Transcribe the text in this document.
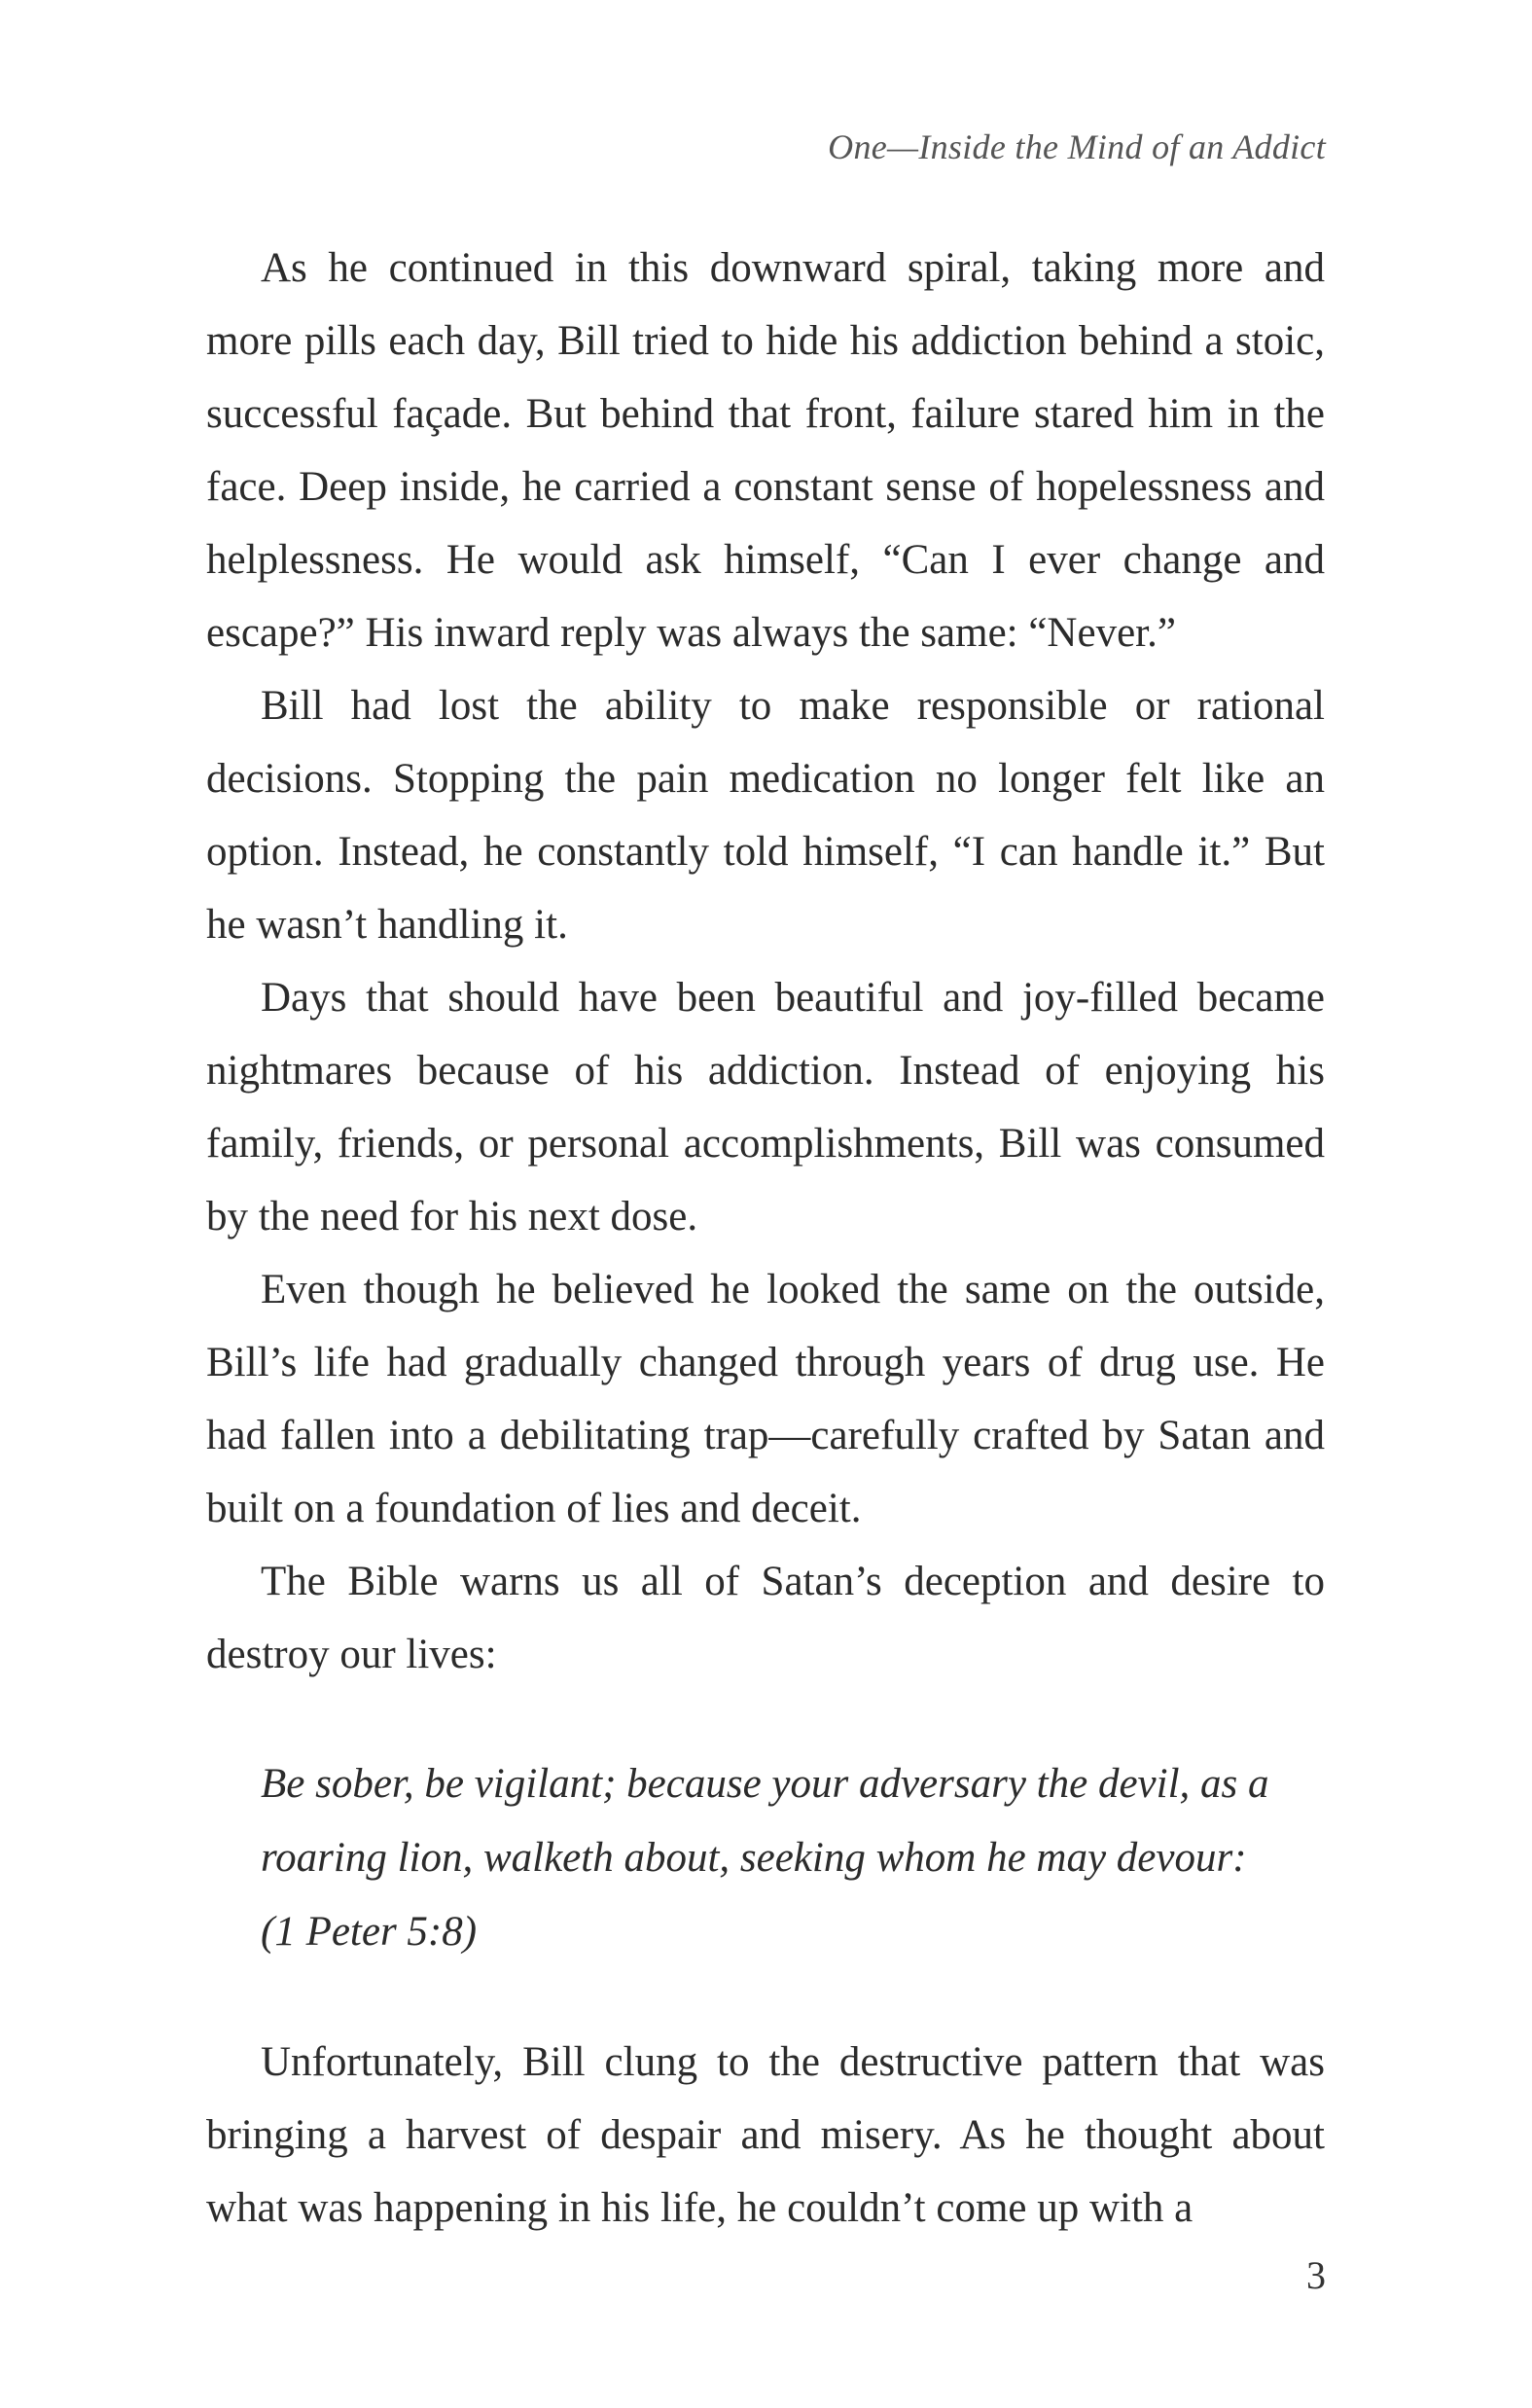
One—Inside the Mind of an Addict

As he continued in this downward spiral, taking more and more pills each day, Bill tried to hide his addiction behind a stoic, successful façade. But behind that front, failure stared him in the face. Deep inside, he carried a constant sense of hopelessness and helplessness. He would ask himself, “Can I ever change and escape?” His inward reply was always the same: “Never.”

Bill had lost the ability to make responsible or rational decisions. Stopping the pain medication no longer felt like an option. Instead, he constantly told himself, “I can handle it.” But he wasn’t handling it.

Days that should have been beautiful and joy-filled became nightmares because of his addiction. Instead of enjoying his family, friends, or personal accomplishments, Bill was consumed by the need for his next dose.

Even though he believed he looked the same on the outside, Bill’s life had gradually changed through years of drug use. He had fallen into a debilitating trap—carefully crafted by Satan and built on a foundation of lies and deceit.

The Bible warns us all of Satan’s deception and desire to destroy our lives:

Be sober, be vigilant; because your adversary the devil, as a
roaring lion, walketh about, seeking whom he may devour:
(1 Peter 5:8)

Unfortunately, Bill clung to the destructive pattern that was bringing a harvest of despair and misery. As he thought about what was happening in his life, he couldn’t come up with a

3
